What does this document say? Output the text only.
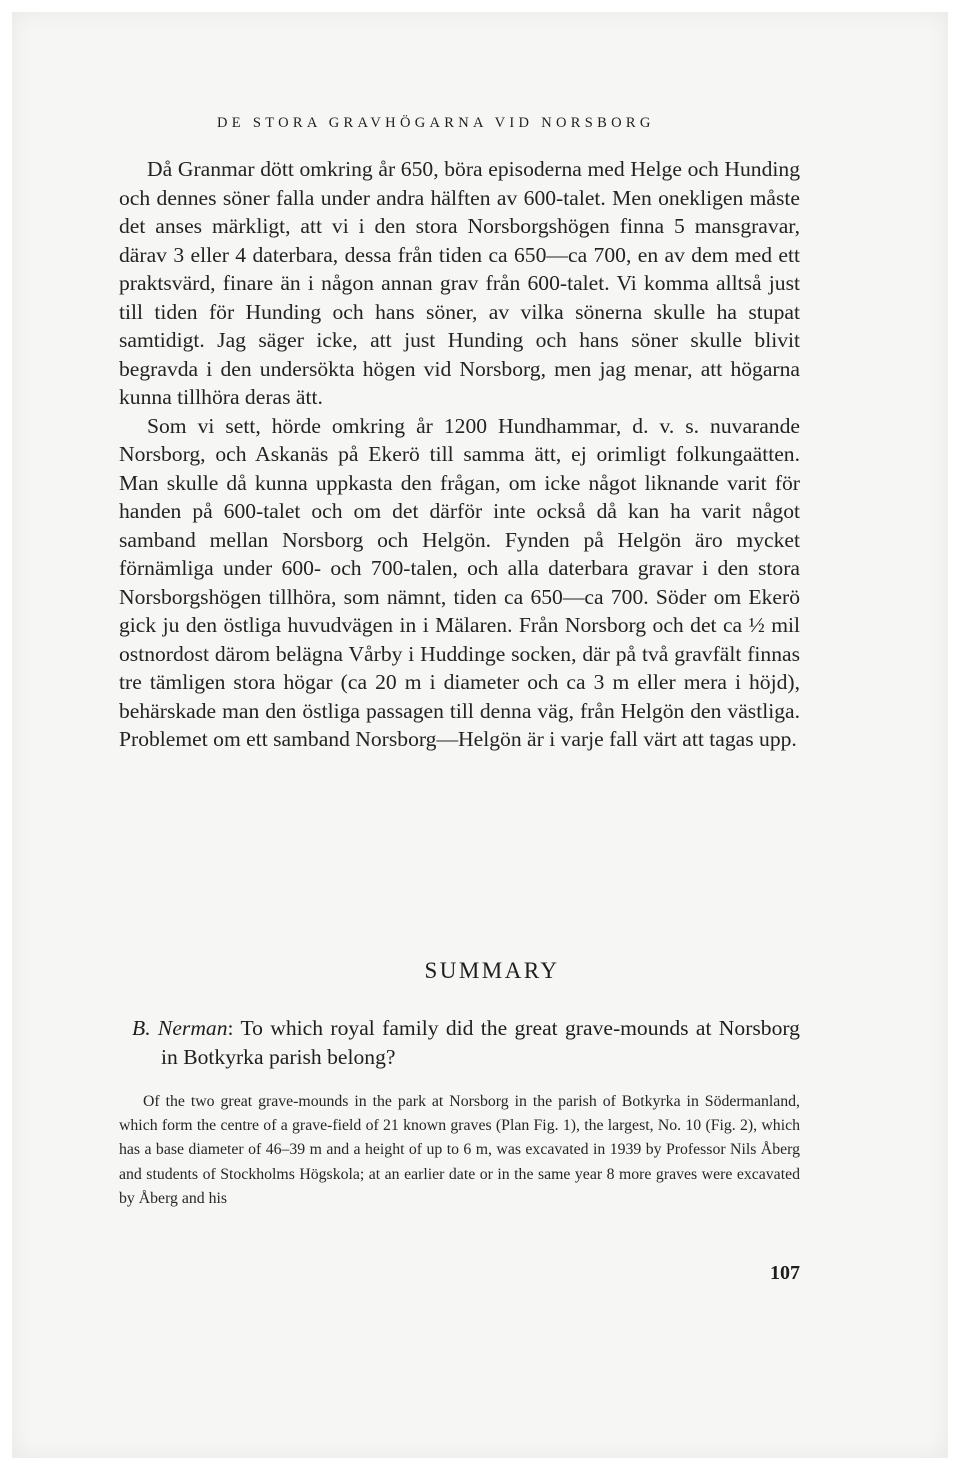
DE STORA GRAVHÖGARNA VID NORSBORG

Då Granmar dött omkring år 650, böra episoderna med Helge och Hunding och dennes söner falla under andra hälften av 600-talet. Men onekligen måste det anses märkligt, att vi i den stora Norsborgshögen finna 5 mansgravar, därav 3 eller 4 daterbara, dessa från tiden ca 650—ca 700, en av dem med ett praktsvärd, finare än i någon annan grav från 600-talet. Vi komma alltså just till tiden för Hunding och hans söner, av vilka sönerna skulle ha stupat samtidigt. Jag säger icke, att just Hunding och hans söner skulle blivit begravda i den undersökta högen vid Norsborg, men jag menar, att högarna kunna tillhöra deras ätt.

Som vi sett, hörde omkring år 1200 Hundhammar, d. v. s. nuvarande Norsborg, och Askanäs på Ekerö till samma ätt, ej orimligt folkungaätten. Man skulle då kunna uppkasta den frågan, om icke något liknande varit för handen på 600-talet och om det därför inte också då kan ha varit något samband mellan Norsborg och Helgön. Fynden på Helgön äro mycket förnämliga under 600- och 700-talen, och alla daterbara gravar i den stora Norsborgshögen tillhöra, som nämnt, tiden ca 650—ca 700. Söder om Ekerö gick ju den östliga huvudvägen in i Mälaren. Från Norsborg och det ca ½ mil ostnordost därom belägna Vårby i Huddinge socken, där på två gravfält finnas tre tämligen stora högar (ca 20 m i diameter och ca 3 m eller mera i höjd), behärskade man den östliga passagen till denna väg, från Helgön den västliga. Problemet om ett samband Norsborg—Helgön är i varje fall värt att tagas upp.

SUMMARY
B. Nerman: To which royal family did the great grave-mounds at Norsborg in Botkyrka parish belong?

Of the two great grave-mounds in the park at Norsborg in the parish of Botkyrka in Södermanland, which form the centre of a grave-field of 21 known graves (Plan Fig. 1), the largest, No. 10 (Fig. 2), which has a base diameter of 46–39 m and a height of up to 6 m, was excavated in 1939 by Professor Nils Åberg and students of Stockholms Högskola; at an earlier date or in the same year 8 more graves were excavated by Åberg and his

107
